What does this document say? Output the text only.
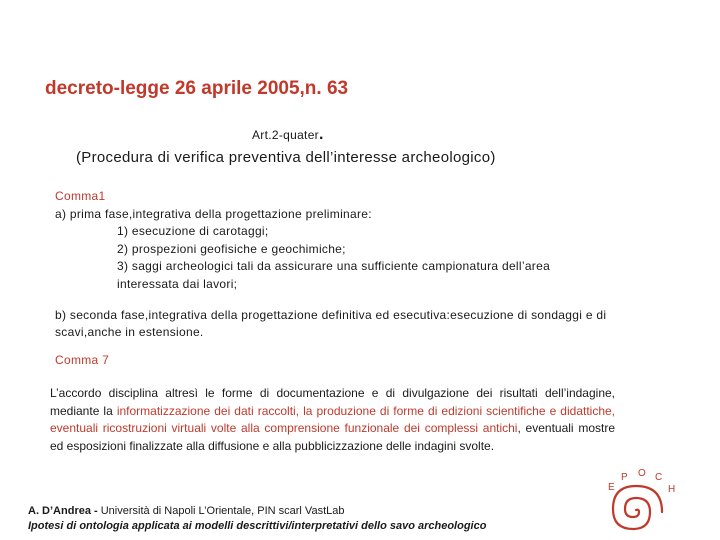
decreto-legge 26 aprile 2005,n. 63
Art.2-quater.
(Procedura di verifica preventiva dell’interesse archeologico)
Comma1
a) prima fase,integrativa della progettazione preliminare:
1) esecuzione di carotaggi;
2) prospezioni geofisiche e geochimiche;
3) saggi archeologici tali da assicurare una sufficiente campionatura dell’area
interessata dai lavori;
b) seconda fase,integrativa della progettazione definitiva ed esecutiva:esecuzione di sondaggi e di scavi,anche in estensione.
Comma 7
L’accordo disciplina altresì le forme di documentazione e di divulgazione dei risultati dell’indagine, mediante la informatizzazione dei dati raccolti, la produzione di forme di edizioni scientifiche e didattiche, eventuali ricostruzioni virtuali volte alla comprensione funzionale dei complessi antichi, eventuali mostre ed esposizioni finalizzate alla diffusione e alla pubblicizzazione delle indagini svolte.
A. D’Andrea - Università di Napoli L’Orientale, PIN scarl VastLab
Ipotesi di ontologia applicata ai modelli descrittivi/interpretativi dello savo archeologico
E
P O C
H
